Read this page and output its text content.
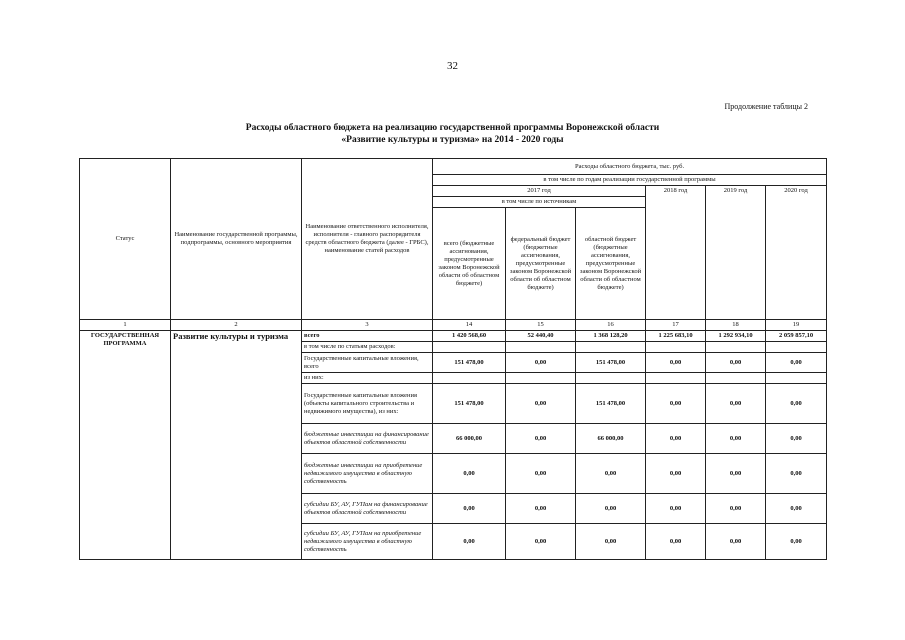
32
Продолжение таблицы 2
Расходы областного бюджета на реализацию государственной программы Воронежской области
«Развитие культуры и туризма» на 2014 - 2020 годы
Статус	Наименование государственной программы, подпрограммы, основного мероприятия	Наименование ответственного исполнителя, исполнителя - главного распорядителя средств областного бюджета (далее - ГРБС), наименование статей расходов	Расходы областного бюджета, тыс. руб.					
			в том числе по годам реализации государственной программы					
			2017 год			2018 год	2019 год	2020 год
			в том числе по источникам					
			всего (бюджетные ассигнования, предусмотренные законом Воронежской области об областном бюджете)	федеральный бюджет (бюджетные ассигнования, предусмотренные законом Воронежской области об областном бюджете)	областной бюджет (бюджетные ассигнования, предусмотренные законом Воронежской области об областном бюджете)			
1	2	3	14	15	16	17	18	19
ГОСУДАРСТВЕННАЯ ПРОГРАММА	Развитие культуры и туризма	всего	1 420 568,60	52 440,40	1 368 128,20	1 225 683,10	1 292 934,10	2 059 857,10
		в том числе по статьям расходов:						
		Государственные капитальные вложения, всего	151 478,00	0,00	151 478,00	0,00	0,00	0,00
		из них:						
		Государственные капитальные вложения (объекты капитального строительства и недвижимого имущества), из них:	151 478,00	0,00	151 478,00	0,00	0,00	0,00
		бюджетные инвестиции на финансирование объектов областной собственности	66 000,00	0,00	66 000,00	0,00	0,00	0,00
		бюджетные инвестиции на приобретение недвижимого имущества в областную собственность	0,00	0,00	0,00	0,00	0,00	0,00
		субсидии БУ, АУ, ГУПам на финансирование объектов областной собственности	0,00	0,00	0,00	0,00	0,00	0,00
		субсидии БУ, АУ, ГУПам на приобретение недвижимого имущества в областную собственность	0,00	0,00	0,00	0,00	0,00	0,00
